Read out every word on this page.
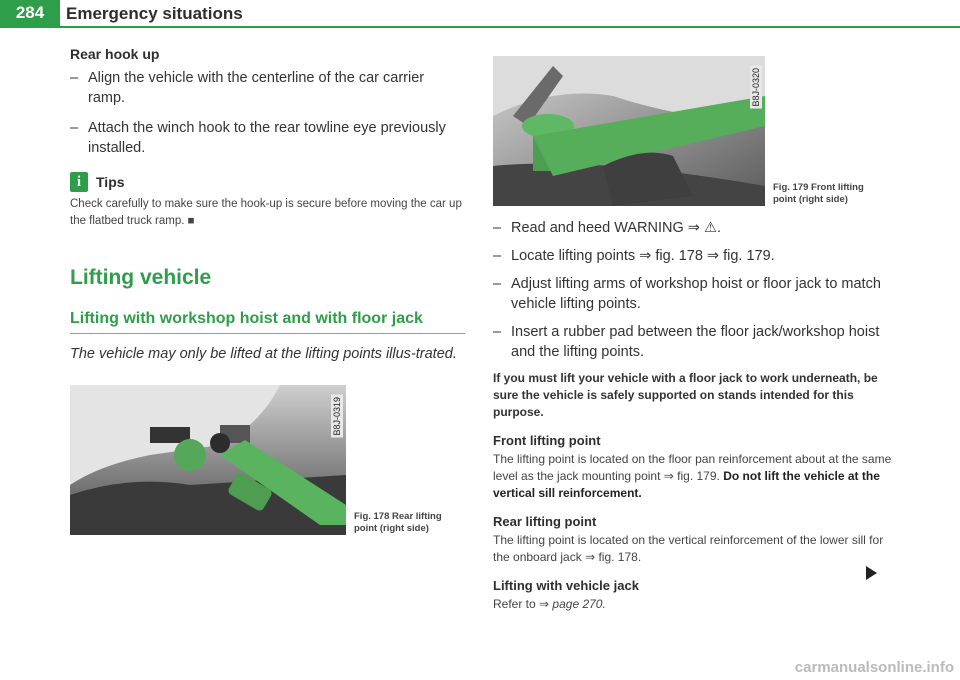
284	Emergency situations
Rear hook up
– Align the vehicle with the centerline of the car carrier ramp.
– Attach the winch hook to the rear towline eye previously installed.
i	Tips
Check carefully to make sure the hook-up is secure before moving the car up the flatbed truck ramp. ■
Lifting vehicle
Lifting with workshop hoist and with floor jack
The vehicle may only be lifted at the lifting points illus-trated.
B8J-0319
Fig. 178 Rear lifting point (right side)
B8J-0320
Fig. 179 Front lifting point (right side)
– Read and heed WARNING ⇒ ⚠.
– Locate lifting points ⇒ fig. 178 ⇒ fig. 179.
– Adjust lifting arms of workshop hoist or floor jack to match vehicle lifting points.
– Insert a rubber pad between the floor jack/workshop hoist and the lifting points.
If you must lift your vehicle with a floor jack to work underneath, be sure the vehicle is safely supported on stands intended for this purpose.
Front lifting point
The lifting point is located on the floor pan reinforcement about at the same level as the jack mounting point ⇒ fig. 179. Do not lift the vehicle at the vertical sill reinforcement.
Rear lifting point
The lifting point is located on the vertical reinforcement of the lower sill for the onboard jack ⇒ fig. 178.
Lifting with vehicle jack
Refer to ⇒ page 270.
carmanualsonline.info
